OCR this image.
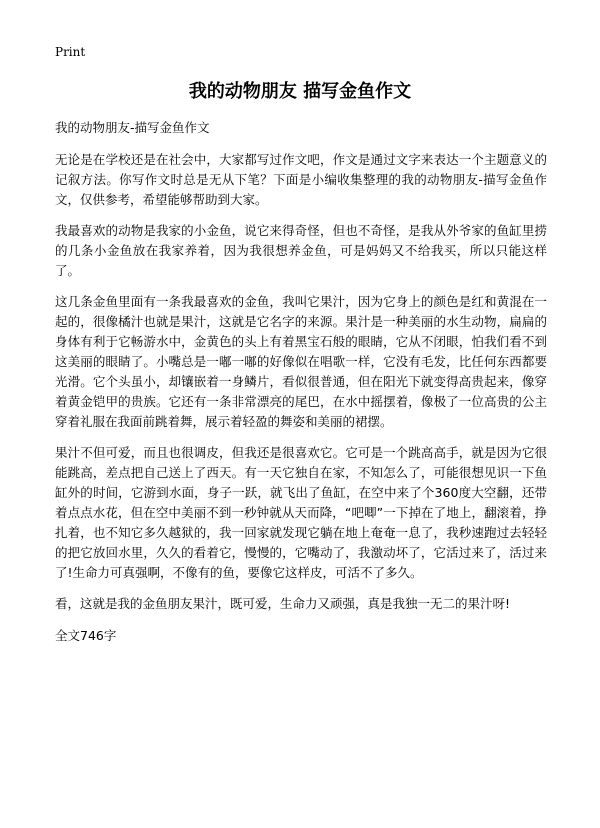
Print
我的动物朋友 描写金鱼作文
我的动物朋友-描写金鱼作文

无论是在学校还是在社会中，大家都写过作文吧，作文是通过文字来表达一个主题意义的记叙方法。你写作文时总是无从下笔？下面是小编收集整理的我的动物朋友-描写金鱼作文，仅供参考，希望能够帮助到大家。

我最喜欢的动物是我家的小金鱼，说它来得奇怪，但也不奇怪，是我从外爷家的鱼缸里捞的几条小金鱼放在我家养着，因为我很想养金鱼，可是妈妈又不给我买，所以只能这样了。

这几条金鱼里面有一条我最喜欢的金鱼，我叫它果汁，因为它身上的颜色是红和黄混在一起的，很像橘汁也就是果汁，这就是它名字的来源。果汁是一种美丽的水生动物，扁扁的身体有利于它畅游水中，金黄色的头上有着黑宝石般的眼睛，它从不闭眼，怕我们看不到这美丽的眼睛了。小嘴总是一嘟一嘟的好像似在唱歌一样，它没有毛发，比任何东西都要光滑。它个头虽小，却镶嵌着一身鳞片，看似很普通，但在阳光下就变得高贵起来，像穿着黄金铠甲的贵族。它还有一条非常漂亮的尾巴，在水中摇摆着，像极了一位高贵的公主穿着礼服在我面前跳着舞，展示着轻盈的舞姿和美丽的裙摆。

果汁不但可爱，而且也很调皮，但我还是很喜欢它。它可是一个跳高高手，就是因为它很能跳高，差点把自己送上了西天。有一天它独自在家，不知怎么了，可能很想见识一下鱼缸外的时间，它游到水面，身子一跃，就飞出了鱼缸，在空中来了个360度大空翻，还带着点点水花，但在空中美丽不到一秒钟就从天而降，“吧唧”一下掉在了地上，翻滚着，挣扎着，也不知它多久越狱的，我一回家就发现它躺在地上奄奄一息了，我秒速跑过去轻轻的把它放回水里，久久的看着它，慢慢的，它嘴动了，我激动坏了，它活过来了，活过来了!生命力可真强啊，不像有的鱼，要像它这样皮，可活不了多久。

看，这就是我的金鱼朋友果汁，既可爱，生命力又顽强，真是我独一无二的果汁呀!

全文746字
